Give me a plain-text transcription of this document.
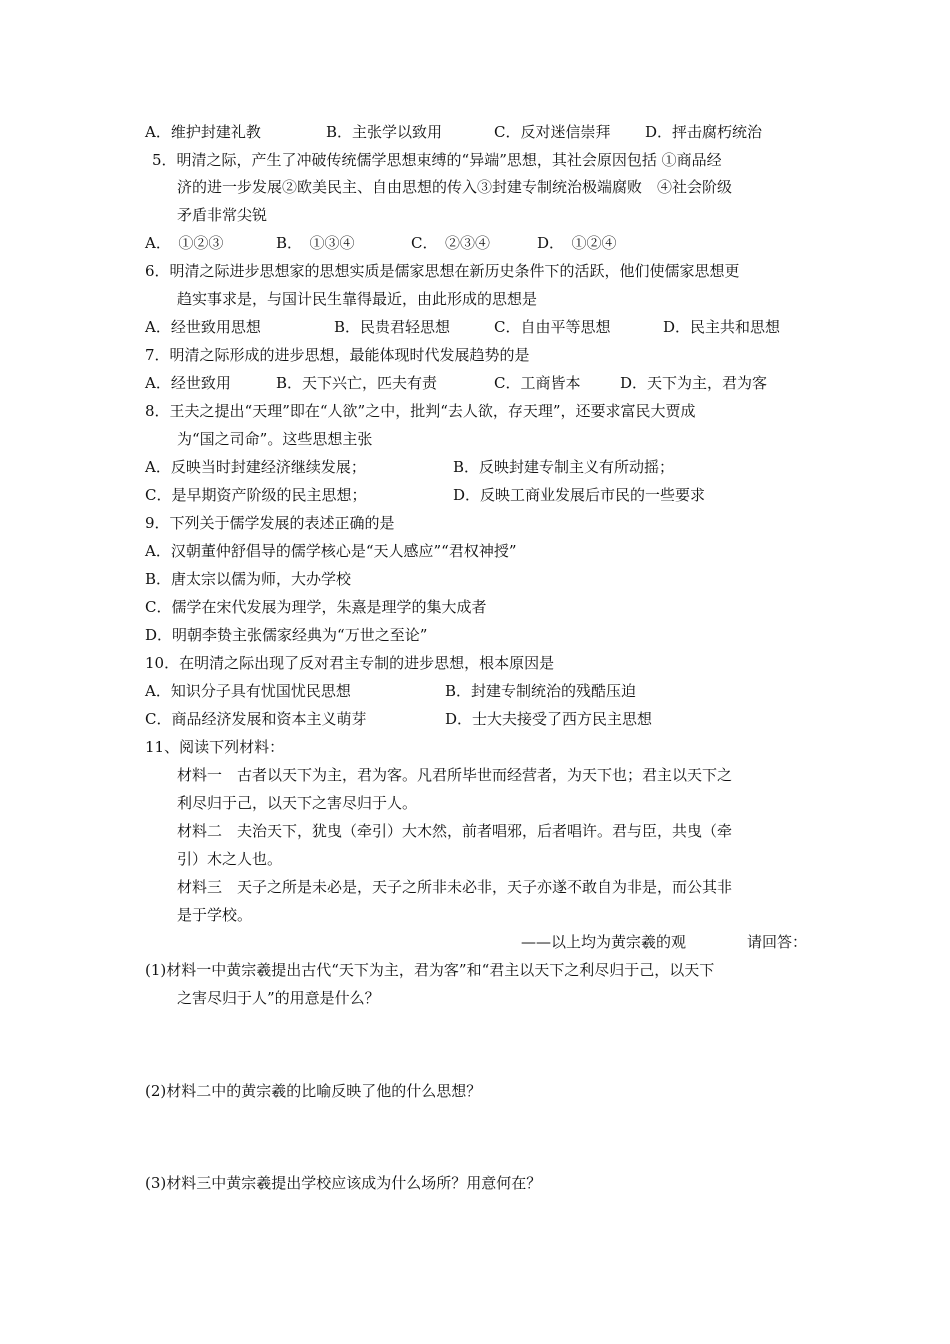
A．维护封建礼教	B．主张学以致用	C．反对迷信崇拜 D．抨击腐朽统治
5．明清之际，产生了冲破传统儒学思想束缚的“异端”思想，其社会原因包括 ①商品经
济的进一步发展②欧美民主、自由思想的传入③封建专制统治极端腐败　④社会阶级
矛盾非常尖锐
A．　①②③	B．　①③④	C．　②③④	D．　①②④
6．明清之际进步思想家的思想实质是儒家思想在新历史条件下的活跃，他们使儒家思想更
趋实事求是，与国计民生靠得最近，由此形成的思想是
A．经世致用思想	B．民贵君轻思想	C．自由平等思想	D．民主共和思想
7．明清之际形成的进步思想，最能体现时代发展趋势的是
A．经世致用	B．天下兴亡，匹夫有责	C．工商皆本	D．天下为主，君为客
8．王夫之提出“天理”即在“人欲”之中，批判“去人欲，存天理”，还要求富民大贾成
为“国之司命”。这些思想主张
A．反映当时封建经济继续发展；	B．反映封建专制主义有所动摇；
C．是早期资产阶级的民主思想；	D．反映工商业发展后市民的一些要求
9．下列关于儒学发展的表述正确的是
A．汉朝董仲舒倡导的儒学核心是“天人感应”“君权神授”
B．唐太宗以儒为师，大办学校
C．儒学在宋代发展为理学，朱熹是理学的集大成者
D．明朝李贽主张儒家经典为“万世之至论”
10．在明清之际出现了反对君主专制的进步思想，根本原因是
A．知识分子具有忧国忧民思想	B．封建专制统治的残酷压迫
C．商品经济发展和资本主义萌芽	D．士大夫接受了西方民主思想
11、阅读下列材料：
材料一　古者以天下为主，君为客。凡君所毕世而经营者，为天下也；君主以天下之
利尽归于己，以天下之害尽归于人。
材料二　夫治天下，犹曳（牵引）大木然，前者唱邪，后者唱许。君与臣，共曳（牵
引）木之人也。
材料三　天子之所是未必是，天子之所非未必非，天子亦遂不敢自为非是，而公其非
是于学校。
——以上均为黄宗羲的观	请回答：
(1)材料一中黄宗羲提出古代“天下为主，君为客”和“君主以天下之利尽归于己，以天下
之害尽归于人”的用意是什么？
(2)材料二中的黄宗羲的比喻反映了他的什么思想？
(3)材料三中黄宗羲提出学校应该成为什么场所？用意何在？
